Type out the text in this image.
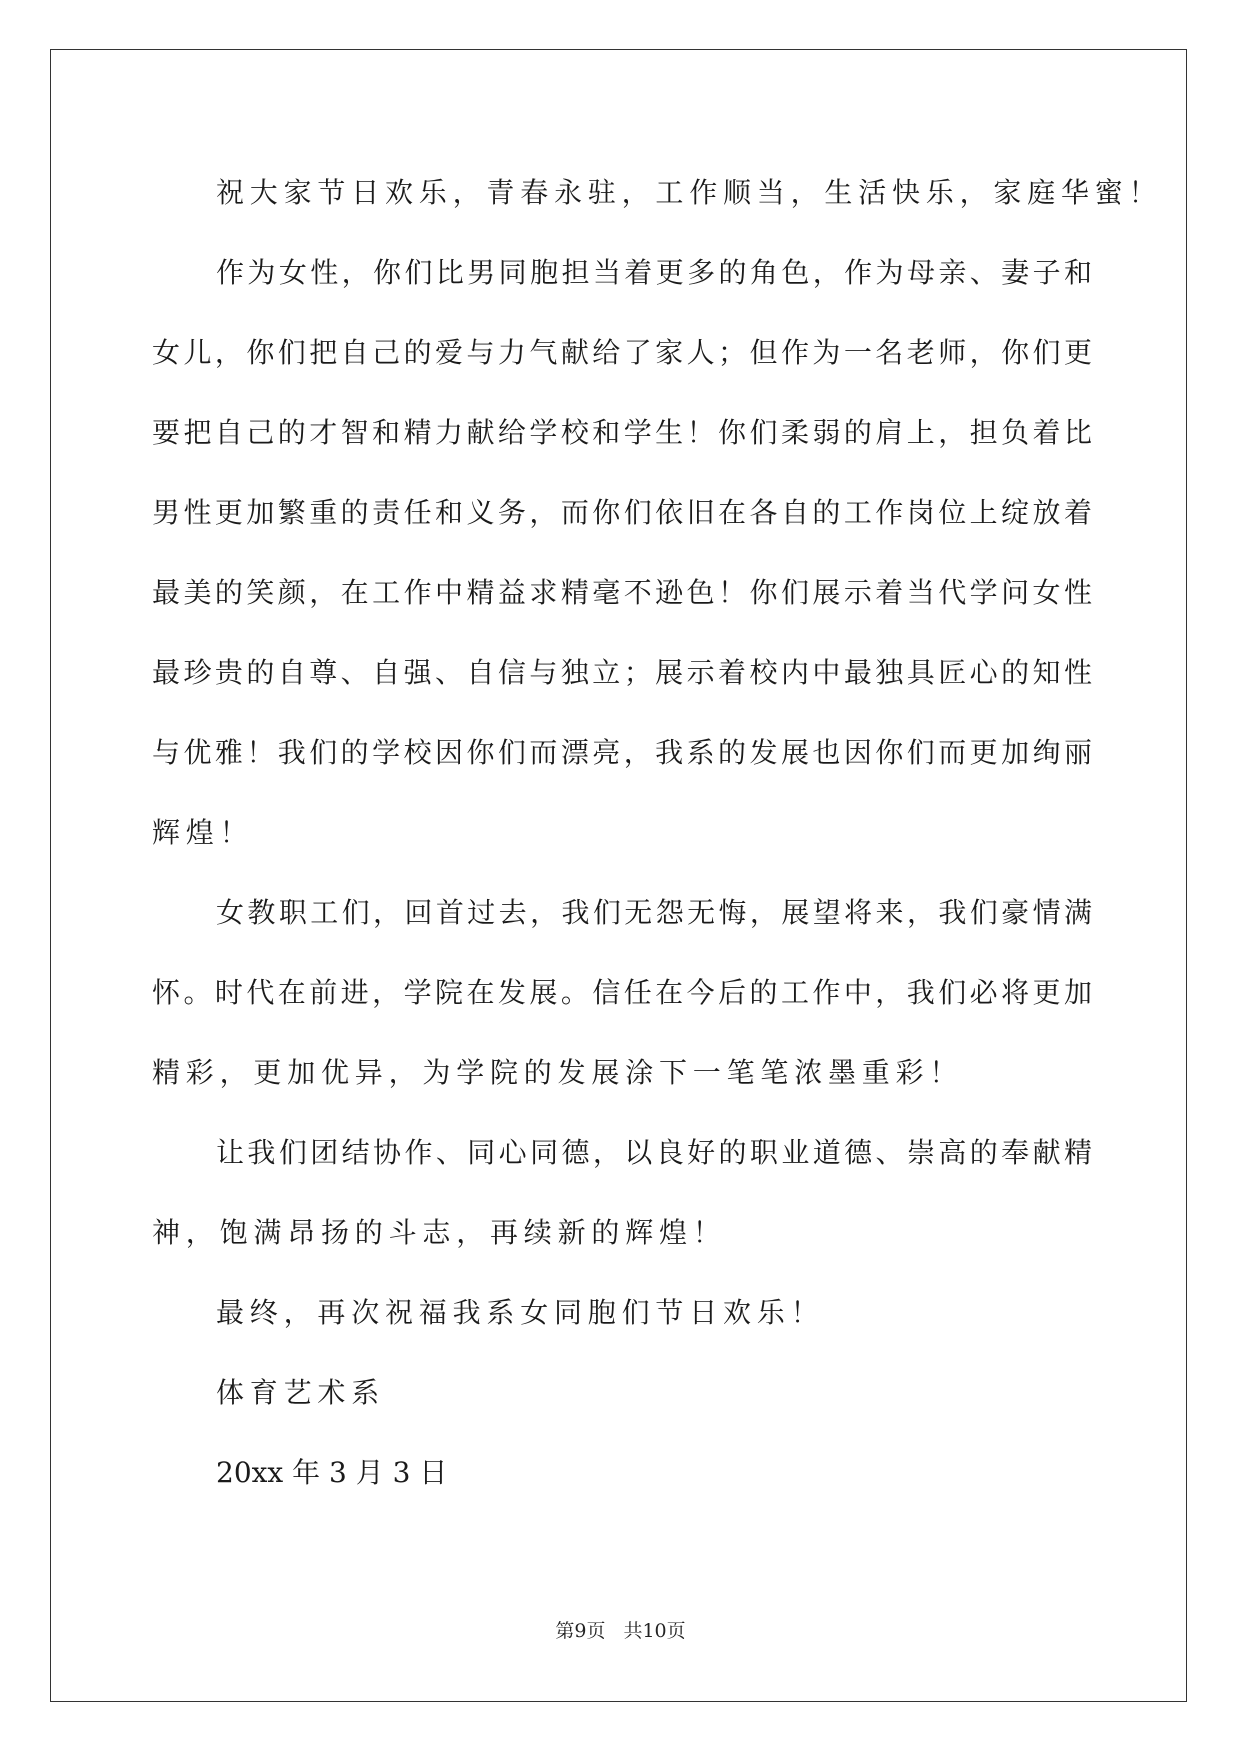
祝大家节日欢乐，青春永驻，工作顺当，生活快乐，家庭华蜜！
作为女性，你们比男同胞担当着更多的角色，作为母亲、妻子和
女儿，你们把自己的爱与力气献给了家人；但作为一名老师，你们更
要把自己的才智和精力献给学校和学生！你们柔弱的肩上，担负着比
男性更加繁重的责任和义务，而你们依旧在各自的工作岗位上绽放着
最美的笑颜，在工作中精益求精毫不逊色！你们展示着当代学问女性
最珍贵的自尊、自强、自信与独立；展示着校内中最独具匠心的知性
与优雅！我们的学校因你们而漂亮，我系的发展也因你们而更加绚丽
辉煌！
女教职工们，回首过去，我们无怨无悔，展望将来，我们豪情满
怀。时代在前进，学院在发展。信任在今后的工作中，我们必将更加
精彩，更加优异，为学院的发展涂下一笔笔浓墨重彩！
让我们团结协作、同心同德，以良好的职业道德、崇高的奉献精
神，饱满昂扬的斗志，再续新的辉煌！
最终，再次祝福我系女同胞们节日欢乐！
体育艺术系
20xx 年 3 月 3 日
第9页 共10页
